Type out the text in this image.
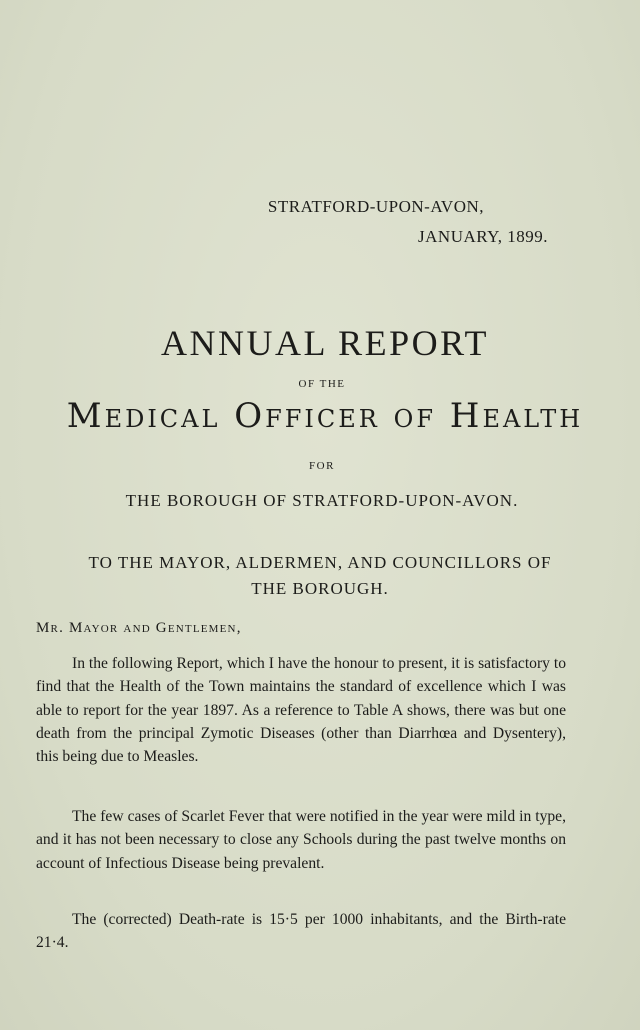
STRATFORD-UPON-AVON,
JANUARY, 1899.
ANNUAL REPORT
OF THE
Medical Officer of Health
FOR
THE BOROUGH OF STRATFORD-UPON-AVON.
TO THE MAYOR, ALDERMEN, AND COUNCILLORS OF
THE BOROUGH.
Mr. Mayor and Gentlemen,

In the following Report, which I have the honour to present, it is satisfactory to find that the Health of the Town maintains the standard of excellence which I was able to report for the year 1897. As a reference to Table A shows, there was but one death from the principal Zymotic Diseases (other than Diarrhœa and Dysentery), this being due to Measles.

The few cases of Scarlet Fever that were notified in the year were mild in type, and it has not been necessary to close any Schools during the past twelve months on account of Infectious Disease being prevalent.

The (corrected) Death-rate is 15·5 per 1000 inhabitants, and the Birth-rate 21·4.
